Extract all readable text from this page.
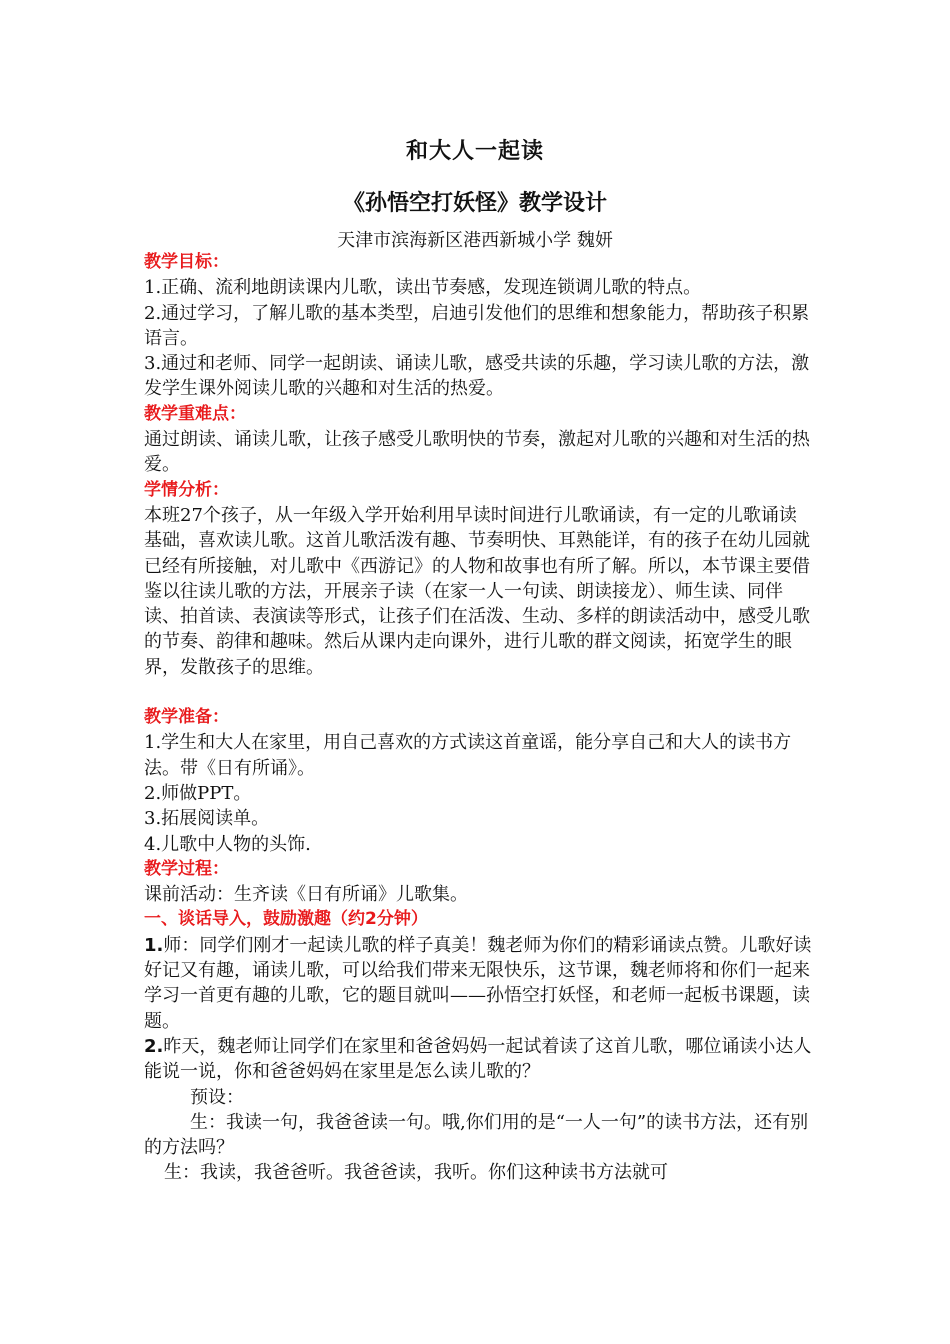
和大人一起读
《孙悟空打妖怪》教学设计
天津市滨海新区港西新城小学 魏妍

教学目标：

1.正确、流利地朗读课内儿歌，读出节奏感，发现连锁调儿歌的特点。

2.通过学习，了解儿歌的基本类型，启迪引发他们的思维和想象能力，帮助孩子积累语言。

3.通过和老师、同学一起朗读、诵读儿歌，感受共读的乐趣，学习读儿歌的方法，激发学生课外阅读儿歌的兴趣和对生活的热爱。

教学重难点：

通过朗读、诵读儿歌，让孩子感受儿歌明快的节奏，激起对儿歌的兴趣和对生活的热爱。

学情分析：

本班27个孩子，从一年级入学开始利用早读时间进行儿歌诵读，有一定的儿歌诵读基础，喜欢读儿歌。这首儿歌活泼有趣、节奏明快、耳熟能详，有的孩子在幼儿园就已经有所接触，对儿歌中《西游记》的人物和故事也有所了解。所以，本节课主要借鉴以往读儿歌的方法，开展亲子读（在家一人一句读、朗读接龙）、师生读、同伴读、拍首读、表演读等形式，让孩子们在活泼、生动、多样的朗读活动中，感受儿歌的节奏、韵律和趣味。然后从课内走向课外，进行儿歌的群文阅读，拓宽学生的眼界，发散孩子的思维。

教学准备：

1.学生和大人在家里，用自己喜欢的方式读这首童谣，能分享自己和大人的读书方法。带《日有所诵》。

2.师做PPT。

3.拓展阅读单。

4.儿歌中人物的头饰.

教学过程：

课前活动：生齐读《日有所诵》儿歌集。

一、谈话导入，鼓励激趣（约2分钟）

1.师：同学们刚才一起读儿歌的样子真美！魏老师为你们的精彩诵读点赞。儿歌好读好记又有趣，诵读儿歌，可以给我们带来无限快乐，这节课，魏老师将和你们一起来学习一首更有趣的儿歌，它的题目就叫——孙悟空打妖怪，和老师一起板书课题，读题。

2.昨天，魏老师让同学们在家里和爸爸妈妈一起试着读了这首儿歌，哪位诵读小达人能说一说，你和爸爸妈妈在家里是怎么读儿歌的？

预设：

生：我读一句，我爸爸读一句。哦,你们用的是“一人一句”的读书方法，还有别的方法吗？

生：我读，我爸爸听。我爸爸读，我听。你们这种读书方法就可
